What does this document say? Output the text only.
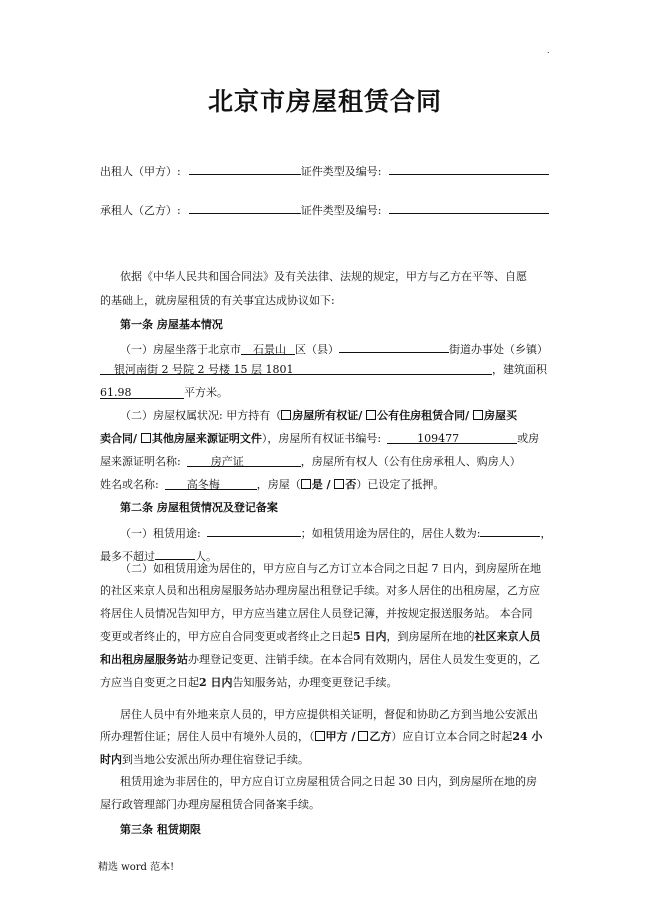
.
北京市房屋租赁合同
出租人（甲方）:	证件类型及编号:
承租人（乙方）:	证件类型及编号:
依据《中华人民共和国合同法》及有关法律、法规的规定，甲方与乙方在平等、自愿
的基础上，就房屋租赁的有关事宜达成协议如下:
第一条 房屋基本情况
（一）房屋坐落于北京市 石景山 区（县）	街道办事处（乡镇）
银河南街 2 号院 2 号楼 15 层 1801	，建筑面积
61.98	平方米。
（二）房屋权属状况: 甲方持有（ 房屋所有权证/ 公有住房租赁合同/ 房屋买
卖合同/ 其他房屋来源证明文件），房屋所有权证书编号:	109477	或房
屋来源证明名称:	房产证	，房屋所有权人（公有住房承租人、购房人）
姓名或名称:	高冬梅	，房屋（ 是 / 否）已设定了抵押。
第二条 房屋租赁情况及登记备案
（一）租赁用途:	；如租赁用途为居住的，居住人数为:	，
最多不超过	人。
（二）如租赁用途为居住的，甲方应自与乙方订立本合同之日起 7 日内，到房屋所在地
的社区来京人员和出租房屋服务站办理房屋出租登记手续。对多人居住的出租房屋，乙方应
将居住人员情况告知甲方，甲方应当建立居住人员登记簿，并按规定报送服务站。 本合同
变更或者终止的，甲方应自合同变更或者终止之日起5 日内，到房屋所在地的社区来京人员
和出租房屋服务站办理登记变更、注销手续。在本合同有效期内，居住人员发生变更的，乙
方应当自变更之日起2 日内告知服务站，办理变更登记手续。
居住人员中有外地来京人员的，甲方应提供相关证明，督促和协助乙方到当地公安派出
所办理暂住证；居住人员中有境外人员的，（ 甲方 / 乙方）应自订立本合同之时起24 小
时内到当地公安派出所办理住宿登记手续。
租赁用途为非居住的，甲方应自订立房屋租赁合同之日起 30 日内，到房屋所在地的房
屋行政管理部门办理房屋租赁合同备案手续。
第三条 租赁期限
精选 word 范本!
